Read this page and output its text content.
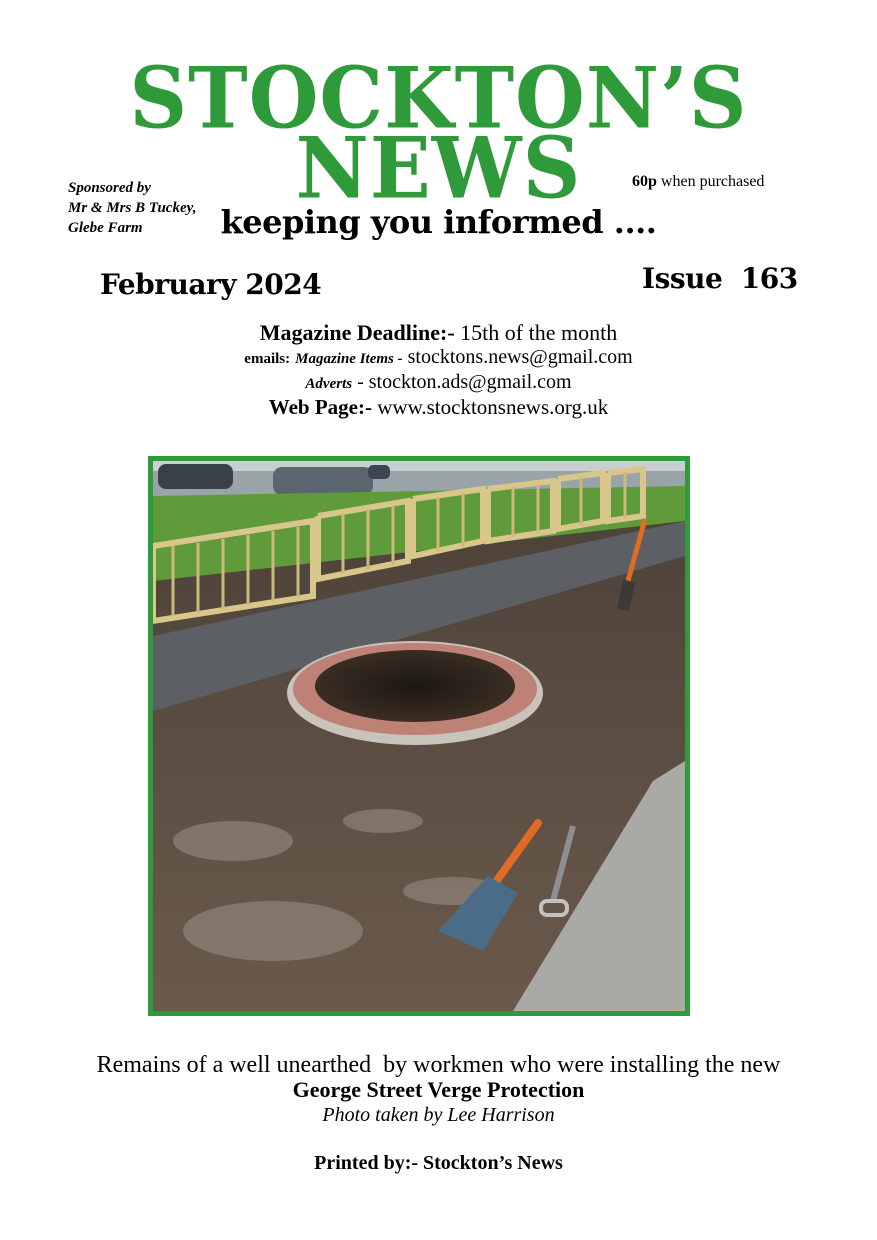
STOCKTON’S
NEWS
Sponsored by
Mr & Mrs B Tuckey,
Glebe Farm
60p when purchased
keeping you informed ....
February 2024	Issue  163
Magazine Deadline:- 15th of the month
emails: Magazine Items - stocktons.news@gmail.com
Adverts - stockton.ads@gmail.com
Web Page:- www.stocktonsnews.org.uk
Remains of a well unearthed  by workmen who were installing the new
George Street Verge Protection
Photo taken by Lee Harrison
Printed by:- Stockton’s News
